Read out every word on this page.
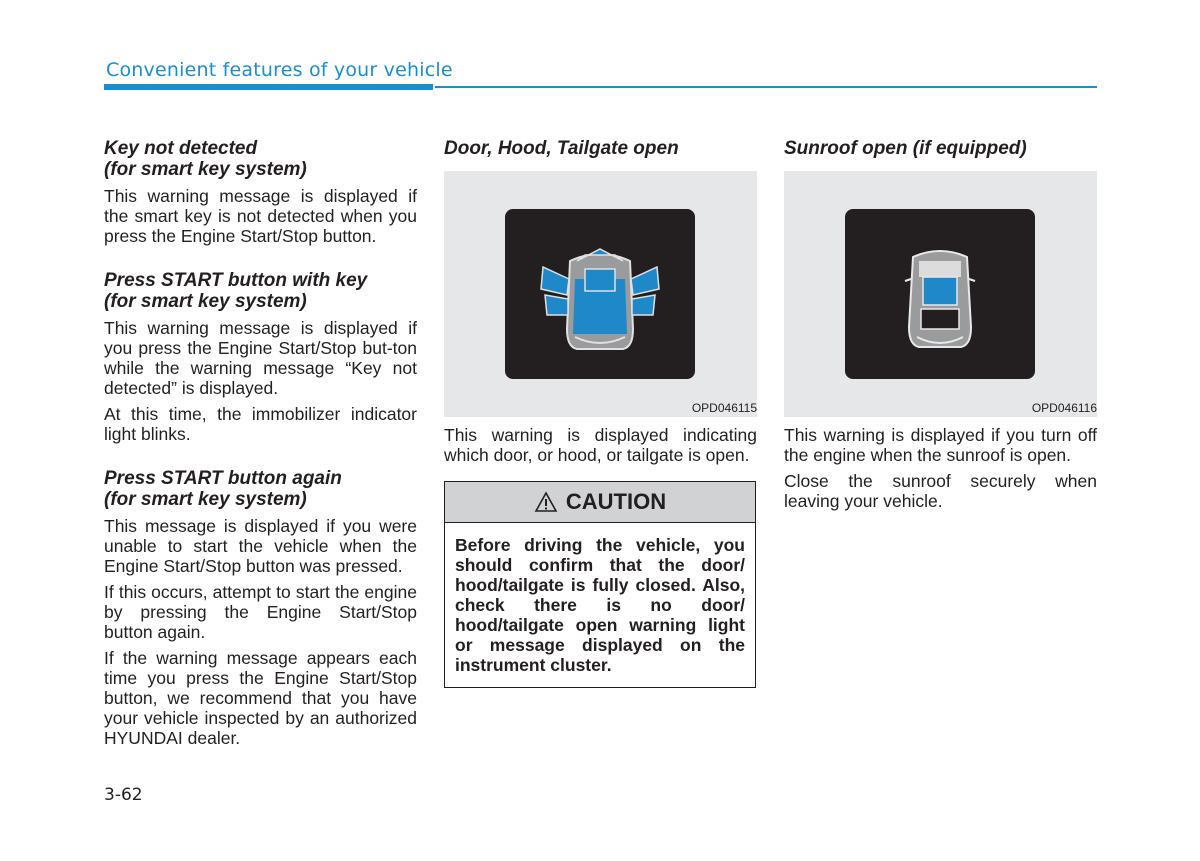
Convenient features of your vehicle
Key not detected
(for smart key system)

This warning message is displayed if the smart key is not detected when you press the Engine Start/Stop button.

Press START button with key
(for smart key system)

This warning message is displayed if you press the Engine Start/Stop but-ton while the warning message “Key not detected” is displayed.

At this time, the immobilizer indicator light blinks.

Press START button again
(for smart key system)

This message is displayed if you were unable to start the vehicle when the Engine Start/Stop button was pressed.

If this occurs, attempt to start the engine by pressing the Engine Start/Stop button again.

If the warning message appears each time you press the Engine Start/Stop button, we recommend that you have your vehicle inspected by an authorized HYUNDAI dealer.

Door, Hood, Tailgate open
OPD046115

This warning is displayed indicating which door, or hood, or tailgate is open.

CAUTION
Before driving the vehicle, you should confirm that the door/ hood/tailgate is fully closed. Also, check there is no door/ hood/tailgate open warning light or message displayed on the instrument cluster.
Sunroof open (if equipped)
OPD046116

This warning is displayed if you turn off the engine when the sunroof is open.

Close the sunroof securely when leaving your vehicle.

3-62
